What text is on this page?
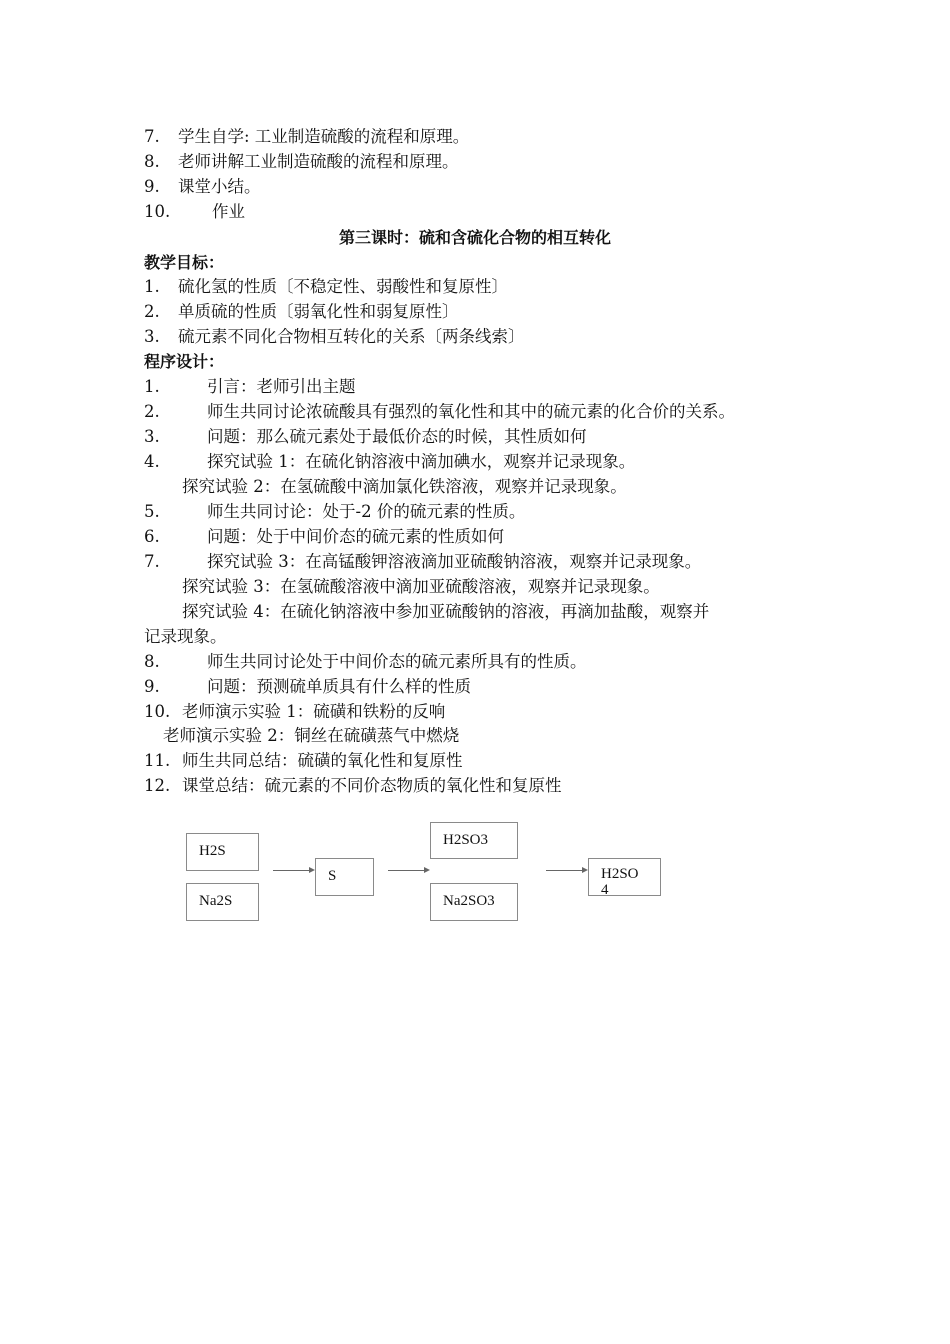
7. 学生自学: 工业制造硫酸的流程和原理。
8. 老师讲解工业制造硫酸的流程和原理。
9. 课堂小结。
10.	作业
第三课时：硫和含硫化合物的相互转化
教学目标：
1. 硫化氢的性质〔不稳定性、弱酸性和复原性〕
2. 单质硫的性质〔弱氧化性和弱复原性〕
3. 硫元素不同化合物相互转化的关系〔两条线索〕
程序设计：
1.	引言：老师引出主题
2.	师生共同讨论浓硫酸具有强烈的氧化性和其中的硫元素的化合价的关系。
3.	问题：那么硫元素处于最低价态的时候，其性质如何
4.	探究试验 1：在硫化钠溶液中滴加碘水，观察并记录现象。
探究试验 2：在氢硫酸中滴加氯化铁溶液，观察并记录现象。
5.	师生共同讨论：处于-2 价的硫元素的性质。
6.	问题：处于中间价态的硫元素的性质如何
7.	探究试验 3：在高锰酸钾溶液滴加亚硫酸钠溶液，观察并记录现象。
探究试验 3：在氢硫酸溶液中滴加亚硫酸溶液，观察并记录现象。
探究试验 4：在硫化钠溶液中参加亚硫酸钠的溶液，再滴加盐酸，观察并
记录现象。
8.	师生共同讨论处于中间价态的硫元素所具有的性质。
9.	问题：预测硫单质具有什么样的性质
10. 老师演示实验 1：硫磺和铁粉的反响
老师演示实验 2：铜丝在硫磺蒸气中燃烧
11. 师生共同总结：硫磺的氧化性和复原性
12. 课堂总结：硫元素的不同价态物质的氧化性和复原性
H2S
Na2S
S
H2SO3
Na2SO3
H2SO
4
